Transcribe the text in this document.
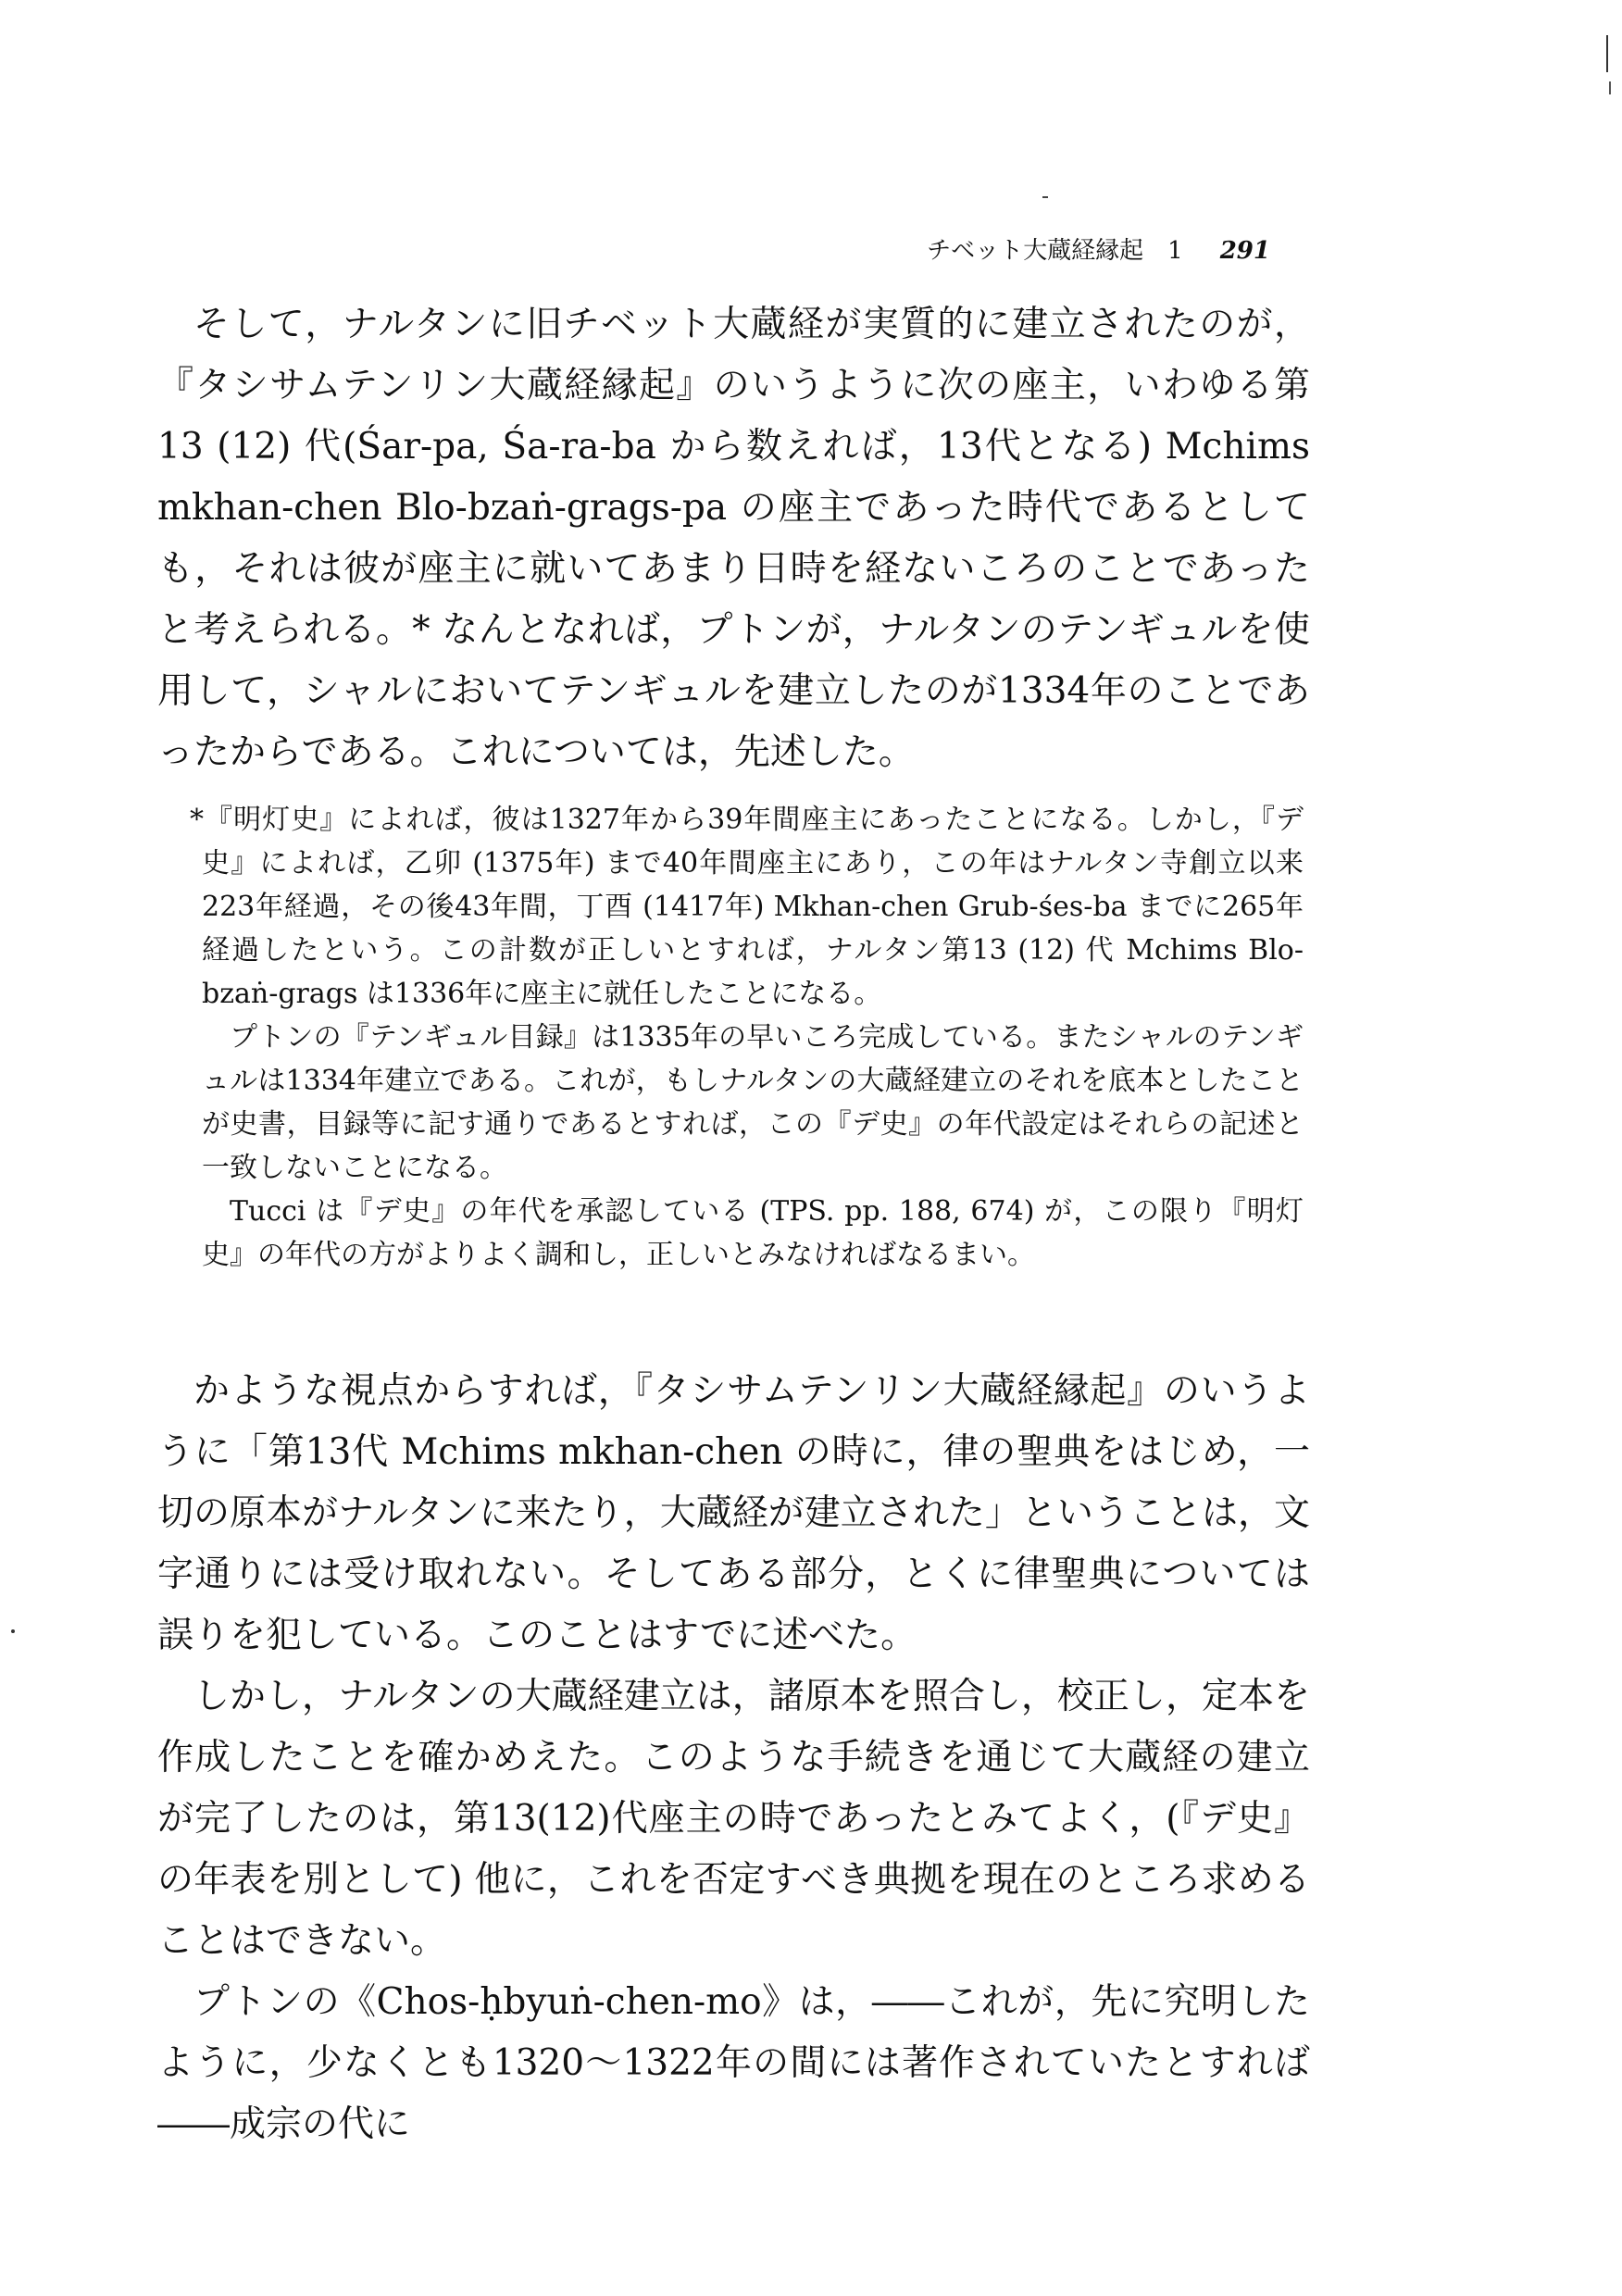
チベット大蔵経縁起　1 291

そして，ナルタンに旧チベット大蔵経が実質的に建立されたのが，『タシサムテンリン大蔵経縁起』のいうように次の座主，いわゆる第13 (12) 代(Śar-pa, Śa-ra-ba から数えれば，13代となる) Mchims mkhan-chen Blo-bzaṅ-grags-pa の座主であった時代であるとしても，それは彼が座主に就いてあまり日時を経ないころのことであったと考えられる。* なんとなれば，プトンが，ナルタンのテンギュルを使用して，シャルにおいてテンギュルを建立したのが1334年のことであったからである。これについては，先述した。

*『明灯史』によれば，彼は1327年から39年間座主にあったことになる。しかし，『デ史』によれば，乙卯 (1375年) まで40年間座主にあり，この年はナルタン寺創立以来223年経過，その後43年間，丁酉 (1417年) Mkhan-chen Grub-śes-ba までに265年経過したという。この計数が正しいとすれば，ナルタン第13 (12) 代 Mchims Blo-bzaṅ-grags は1336年に座主に就任したことになる。

プトンの『テンギュル目録』は1335年の早いころ完成している。またシャルのテンギュルは1334年建立である。これが，もしナルタンの大蔵経建立のそれを底本としたことが史書，目録等に記す通りであるとすれば，この『デ史』の年代設定はそれらの記述と一致しないことになる。

Tucci は『デ史』の年代を承認している (TPS. pp. 188, 674) が，この限り『明灯史』の年代の方がよりよく調和し，正しいとみなければなるまい。

かような視点からすれば，『タシサムテンリン大蔵経縁起』のいうように「第13代 Mchims mkhan-chen の時に，律の聖典をはじめ，一切の原本がナルタンに来たり，大蔵経が建立された」ということは，文字通りには受け取れない。そしてある部分，とくに律聖典については誤りを犯している。このことはすでに述べた。

しかし，ナルタンの大蔵経建立は，諸原本を照合し，校正し，定本を作成したことを確かめえた。このような手続きを通じて大蔵経の建立が完了したのは，第13(12)代座主の時であったとみてよく，(『デ史』の年表を別として) 他に，これを否定すべき典拠を現在のところ求めることはできない。

プトンの《Chos-ḥbyuṅ-chen-mo》は，――これが，先に究明したように，少なくとも1320～1322年の間には著作されていたとすれば――成宗の代に
